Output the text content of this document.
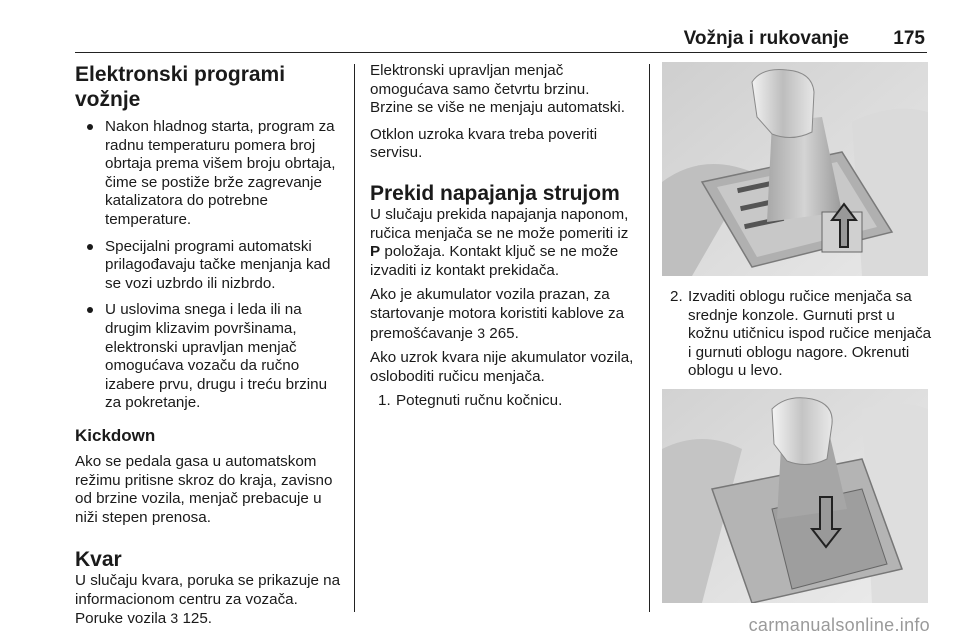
Vožnja i rukovanje 175
Elektronski programi vožnje
Nakon hladnog starta, program za radnu temperaturu pomera broj obrtaja prema višem broju obrtaja, čime se postiže brže zagrevanje katalizatora do potrebne temperature.
Specijalni programi automatski prilagođavaju tačke menjanja kad se vozi uzbrdo ili nizbrdo.
U uslovima snega i leda ili na drugim klizavim površinama, elektronski upravljan menjač omogućava vozaču da ručno izabere prvu, drugu i treću brzinu za pokretanje.
Kickdown

Ako se pedala gasa u automatskom režimu pritisne skroz do kraja, zavisno od brzine vozila, menjač prebacuje u niži stepen prenosa.

Kvar

U slučaju kvara, poruka se prikazuje na informacionom centru za vozača. Poruke vozila 3 125.

Elektronski upravljan menjač omogućava samo četvrtu brzinu. Brzine se više ne menjaju automatski.

Otklon uzroka kvara treba poveriti servisu.

Prekid napajanja strujom

U slučaju prekida napajanja naponom, ručica menjača se ne može pomeriti iz P položaja. Kontakt ključ se ne može izvaditi iz kontakt prekidača.

Ako je akumulator vozila prazan, za startovanje motora koristiti kablove za premošćavanje 3 265.

Ako uzrok kvara nije akumulator vozila, osloboditi ručicu menjača.

1. Potegnuti ručnu kočnicu.
2. Izvaditi oblogu ručice menjača sa srednje konzole. Gurnuti prst u kožnu utičnicu ispod ručice menjača i gurnuti oblogu nagore. Okrenuti oblogu u levo.
carmanualsonline.info
